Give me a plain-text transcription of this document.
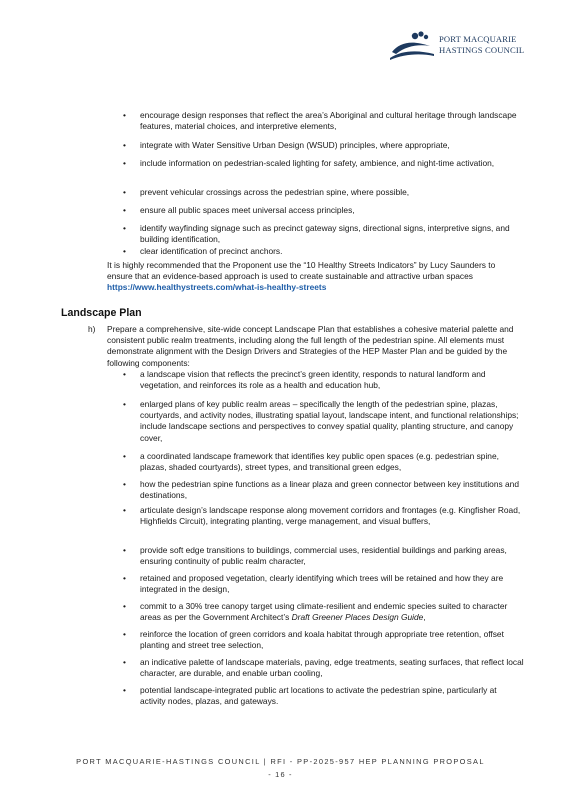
PORT MACQUARIE
HASTINGS COUNCIL
• encourage design responses that reflect the area’s Aboriginal and cultural heritage through landscape features, material choices, and interpretive elements,
• integrate with Water Sensitive Urban Design (WSUD) principles, where appropriate,
• include information on pedestrian-scaled lighting for safety, ambience, and night-time activation,
• prevent vehicular crossings across the pedestrian spine, where possible,
• ensure all public spaces meet universal access principles,
• identify wayfinding signage such as precinct gateway signs, directional signs, interpretive signs, and building identification,
• clear identification of precinct anchors.

It is highly recommended that the Proponent use the “10 Healthy Streets Indicators” by Lucy Saunders to ensure that an evidence-based approach is used to create sustainable and attractive urban spaces https://www.healthystreets.com/what-is-healthy-streets

Landscape Plan
h) Prepare a comprehensive, site-wide concept Landscape Plan that establishes a cohesive material palette and consistent public realm treatments, including along the full length of the pedestrian spine. All elements must demonstrate alignment with the Design Drivers and Strategies of the HEP Master Plan and be guided by the following components:

• a landscape vision that reflects the precinct’s green identity, responds to natural landform and vegetation, and reinforces its role as a health and education hub,
• enlarged plans of key public realm areas – specifically the length of the pedestrian spine, plazas, courtyards, and activity nodes, illustrating spatial layout, landscape intent, and functional relationships; include landscape sections and perspectives to convey spatial quality, planting structure, and canopy cover,
• a coordinated landscape framework that identifies key public open spaces (e.g. pedestrian spine, plazas, shaded courtyards), street types, and transitional green edges,
• how the pedestrian spine functions as a linear plaza and green connector between key institutions and destinations,
• articulate design’s landscape response along movement corridors and frontages (e.g. Kingfisher Road, Highfields Circuit), integrating planting, verge management, and visual buffers,
• provide soft edge transitions to buildings, commercial uses, residential buildings and parking areas, ensuring continuity of public realm character,
• retained and proposed vegetation, clearly identifying which trees will be retained and how they are integrated in the design,
• commit to a 30% tree canopy target using climate-resilient and endemic species suited to character areas as per the Government Architect’s Draft Greener Places Design Guide,
• reinforce the location of green corridors and koala habitat through appropriate tree retention, offset planting and street tree selection,
• an indicative palette of landscape materials, paving, edge treatments, seating surfaces, that reflect local character, are durable, and enable urban cooling,
• potential landscape-integrated public art locations to activate the pedestrian spine, particularly at activity nodes, plazas, and gateways.
PORT MACQUARIE-HASTINGS COUNCIL | RFI - PP-2025-957 HEP PLANNING PROPOSAL
- 16 -
